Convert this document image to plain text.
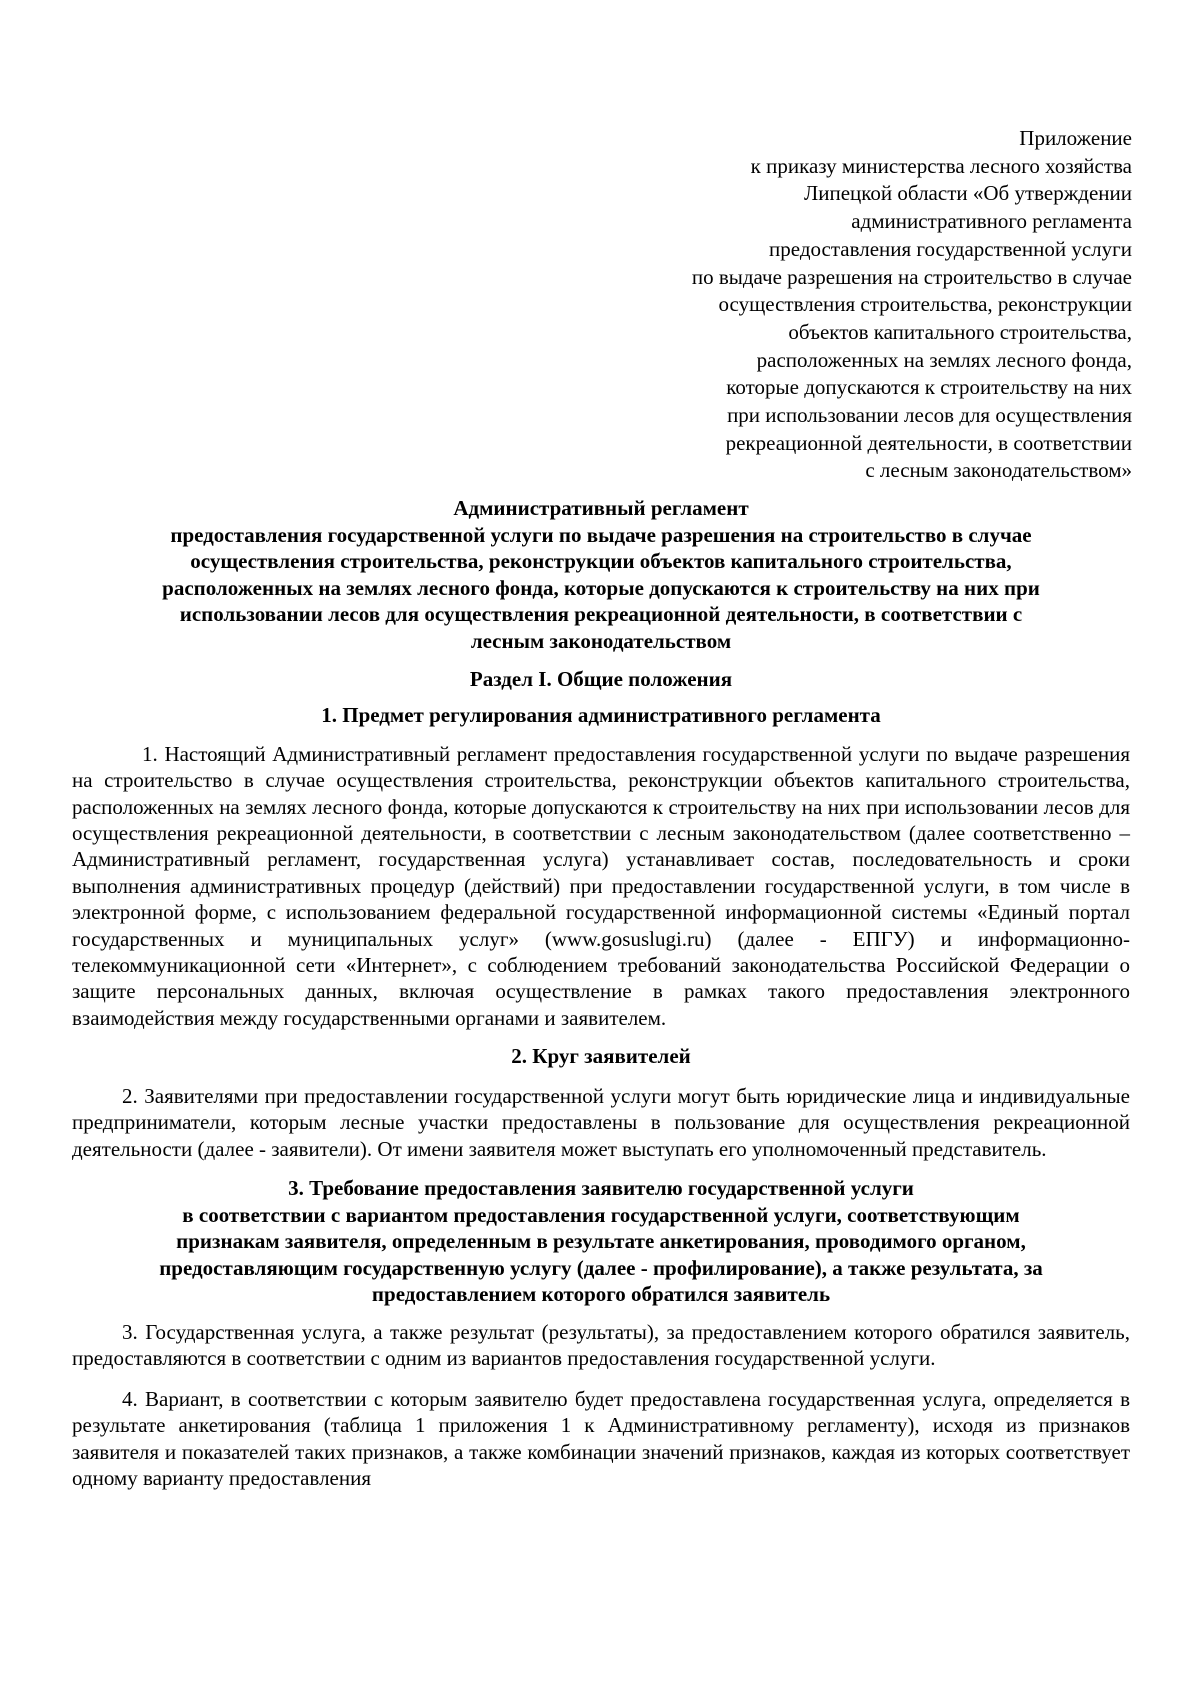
Приложение
к приказу министерства лесного хозяйства
Липецкой области «Об утверждении
административного регламента
предоставления государственной услуги
по выдаче разрешения на строительство в случае
осуществления строительства, реконструкции
объектов капитального строительства,
расположенных на землях лесного фонда,
которые допускаются к строительству на них
при использовании лесов для осуществления
рекреационной деятельности, в соответствии
с лесным законодательством»
Административный регламент
предоставления государственной услуги по выдаче разрешения на строительство в случае
осуществления строительства, реконструкции объектов капитального строительства,
расположенных на землях лесного фонда, которые допускаются к строительству на них при
использовании лесов для осуществления рекреационной деятельности, в соответствии с
лесным законодательством
Раздел I. Общие положения
1. Предмет регулирования административного регламента

1. Настоящий Административный регламент предоставления государственной услуги по выдаче разрешения на строительство в случае осуществления строительства, реконструкции объектов капитального строительства, расположенных на землях лесного фонда, которые допускаются к строительству на них при использовании лесов для осуществления рекреационной деятельности, в соответствии с лесным законодательством (далее соответственно – Административный регламент, государственная услуга) устанавливает состав, последовательность и сроки выполнения административных процедур (действий) при предоставлении государственной услуги, в том числе в электронной форме, с использованием федеральной государственной информационной системы «Единый портал государственных и муниципальных услуг» (www.gosuslugi.ru) (далее - ЕПГУ) и информационно-телекоммуникационной сети «Интернет», с соблюдением требований законодательства Российской Федерации о защите персональных данных, включая осуществление в рамках такого предоставления электронного взаимодействия между государственными органами и заявителем.

2. Круг заявителей

2. Заявителями при предоставлении государственной услуги могут быть юридические лица и индивидуальные предприниматели, которым лесные участки предоставлены в пользование для осуществления рекреационной деятельности (далее - заявители). От имени заявителя может выступать его уполномоченный представитель.

3. Требование предоставления заявителю государственной услуги
в соответствии с вариантом предоставления государственной услуги, соответствующим
признакам заявителя, определенным в результате анкетирования, проводимого органом,
предоставляющим государственную услугу (далее - профилирование), а также результата, за
предоставлением которого обратился заявитель

3. Государственная услуга, а также результат (результаты), за предоставлением которого обратился заявитель, предоставляются в соответствии с одним из вариантов предоставления государственной услуги.

4. Вариант, в соответствии с которым заявителю будет предоставлена государственная услуга, определяется в результате анкетирования (таблица 1 приложения 1 к Административному регламенту), исходя из признаков заявителя и показателей таких признаков, а также комбинации значений признаков, каждая из которых соответствует одному варианту предоставления
